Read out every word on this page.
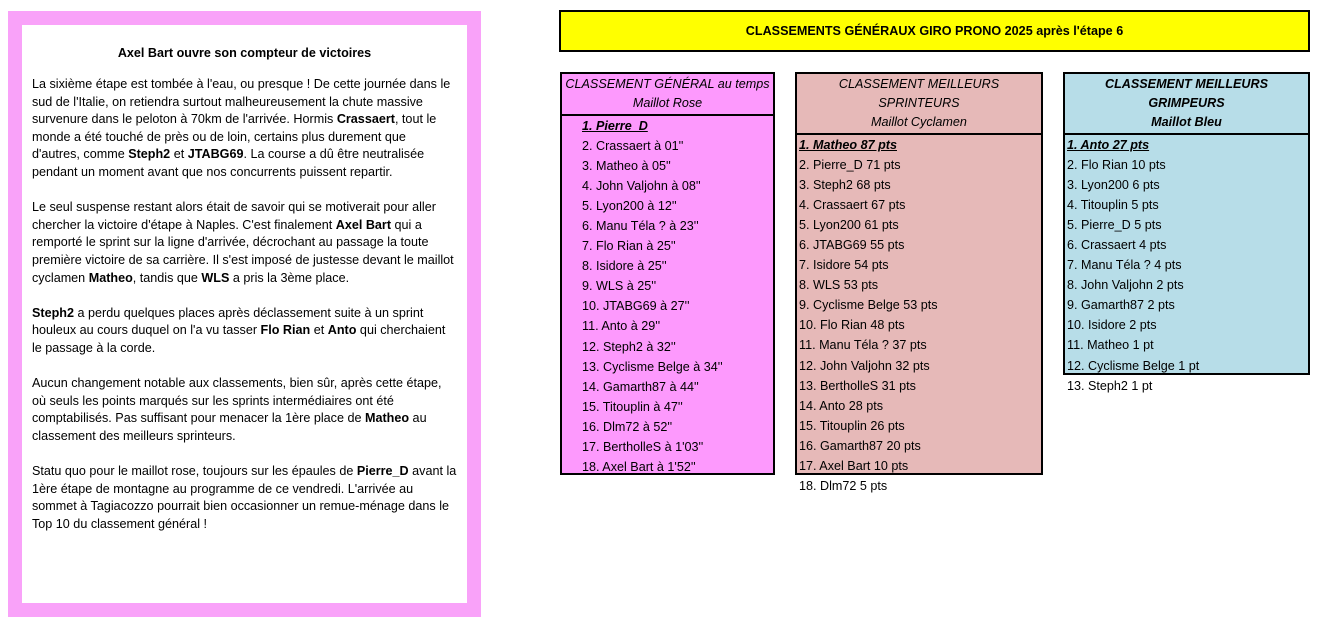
Axel Bart ouvre son compteur de victoires

La sixième étape est tombée à l'eau, ou presque ! De cette journée dans le sud de l'Italie, on retiendra surtout malheureusement la chute massive survenure dans le peloton à 70km de l'arrivée. Hormis Crassaert, tout le monde a été touché de près ou de loin, certains plus durement que d'autres, comme Steph2 et JTABG69. La course a dû être neutralisée pendant un moment avant que nos concurrents puissent repartir.

Le seul suspense restant alors était de savoir qui se motiverait pour aller chercher la victoire d'étape à Naples. C'est finalement Axel Bart qui a remporté le sprint sur la ligne d'arrivée, décrochant au passage la toute première victoire de sa carrière. Il s'est imposé de justesse devant le maillot cyclamen Matheo, tandis que WLS a pris la 3ème place.

Steph2 a perdu quelques places après déclassement suite à un sprint houleux au cours duquel on l'a vu tasser Flo Rian et Anto qui cherchaient le passage à la corde.

Aucun changement notable aux classements, bien sûr, après cette étape, où seuls les points marqués sur les sprints intermédiaires ont été comptabilisés. Pas suffisant pour menacer la 1ère place de Matheo au classement des meilleurs sprinteurs.

Statu quo pour le maillot rose, toujours sur les épaules de Pierre_D avant la 1ère étape de montagne au programme de ce vendredi. L'arrivée au sommet à Tagiacozzo pourrait bien occasionner un remue-ménage dans le Top 10 du classement général !

CLASSEMENTS GÉNÉRAUX GIRO PRONO 2025 après l'étape 6
CLASSEMENT GÉNÉRAL au temps
Maillot Rose
1. Pierre_D
2. Crassaert à 01''
3. Matheo à 05''
4. John Valjohn à 08''
5. Lyon200 à 12''
6. Manu Téla ? à 23''
7. Flo Rian à 25''
8. Isidore à 25''
9. WLS à 25''
10. JTABG69 à 27''
11. Anto à 29''
12. Steph2 à 32''
13. Cyclisme Belge à 34''
14. Gamarth87 à 44''
15. Titouplin à 47''
16. Dlm72 à 52''
17. BertholleS à 1'03''
18. Axel Bart à 1'52''
CLASSEMENT MEILLEURS SPRINTEURS
Maillot Cyclamen
1. Matheo 87 pts
2. Pierre_D 71 pts
3. Steph2 68 pts
4. Crassaert 67 pts
5. Lyon200 61 pts
6. JTABG69 55 pts
7. Isidore 54 pts
8. WLS 53 pts
9. Cyclisme Belge 53 pts
10. Flo Rian 48 pts
11. Manu Téla ? 37 pts
12. John Valjohn 32 pts
13. BertholleS 31 pts
14. Anto 28 pts
15. Titouplin 26 pts
16. Gamarth87 20 pts
17. Axel Bart 10 pts
18. Dlm72 5 pts
CLASSEMENT MEILLEURS GRIMPEURS
Maillot Bleu
1. Anto 27 pts
2. Flo Rian 10 pts
3. Lyon200 6 pts
4. Titouplin 5 pts
5. Pierre_D 5 pts
6. Crassaert 4 pts
7. Manu Téla ? 4 pts
8. John Valjohn 2 pts
9. Gamarth87 2 pts
10. Isidore 2 pts
11. Matheo 1 pt
12. Cyclisme Belge 1 pt
13. Steph2 1 pt
